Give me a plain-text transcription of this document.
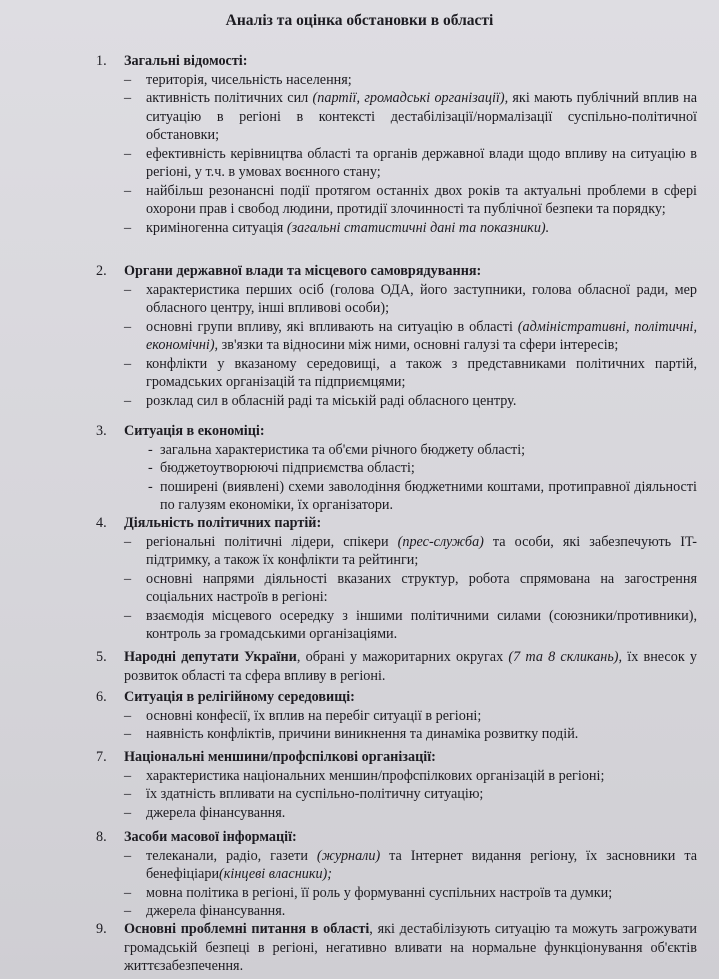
Аналіз та оцінка обстановки в області
1.	Загальні відомості:
–	територія, чисельність населення;
–	активність політичних сил (партії, громадські організації), які мають публічний вплив на ситуацію в регіоні в контексті дестабілізації/нормалізації суспільно-політичної обстановки;
–	ефективність керівництва області та органів державної влади щодо впливу на ситуацію в регіоні, у т.ч. в умовах воєнного стану;
–	найбільш резонансні події протягом останніх двох років та актуальні проблеми в сфері охорони прав і свобод людини, протидії злочинності та публічної безпеки та порядку;
–	криміногенна ситуація (загальні статистичні дані та показники).
2.	Органи державної влади та місцевого самоврядування:
–	характеристика перших осіб (голова ОДА, його заступники, голова обласної ради, мер обласного центру, інші впливові особи);
–	основні групи впливу, які впливають на ситуацію в області (адміністративні, політичні, економічні), зв'язки та відносини між ними, основні галузі та сфери інтересів;
–	конфлікти у вказаному середовищі, а також з представниками політичних партій, громадських організацій та підприємцями;
–	розклад сил в обласній раді та міській раді обласного центру.
3.	Ситуація в економіці:
- загальна характеристика та об'єми річного бюджету області;
- бюджетоутворюючі підприємства області;
- поширені (виявлені) схеми заволодіння бюджетними коштами, протиправної діяльності по галузям економіки, їх організатори.
4.	Діяльність політичних партій:
–	регіональні політичні лідери, спікери (прес-служба) та особи, які забезпечують IT-підтримку, а також їх конфлікти та рейтинги;
–	основні напрями діяльності вказаних структур, робота спрямована на загострення соціальних настроїв в регіоні:
–	взаємодія місцевого осередку з іншими політичними силами (союзники/противники), контроль за громадськими організаціями.
5.	Народні депутати України, обрані у мажоритарних округах (7 та 8 скликань), їх внесок у розвиток області та сфера впливу в регіоні.
6.	Ситуація в релігійному середовищі:
–	основні конфесії, їх вплив на перебіг ситуації в регіоні;
–	наявність конфліктів, причини виникнення та динаміка розвитку подій.
7.	Національні меншини/профспілкові організації:
–	характеристика національних меншин/профспілкових організацій в регіоні;
–	їх здатність впливати на суспільно-політичну ситуацію;
–	джерела фінансування.
8.	Засоби масової інформації:
–	телеканали, радіо, газети (журнали) та Інтернет видання регіону, їх засновники та бенефіціари(кінцеві власники);
–	мовна політика в регіоні, її роль у формуванні суспільних настроїв та думки;
–	джерела фінансування.
9.	Основні проблемні питання в області, які дестабілізують ситуацію та можуть загрожувати громадській безпеці в регіоні, негативно вливати на нормальне функціонування об'єктів життєзабезпечення.
